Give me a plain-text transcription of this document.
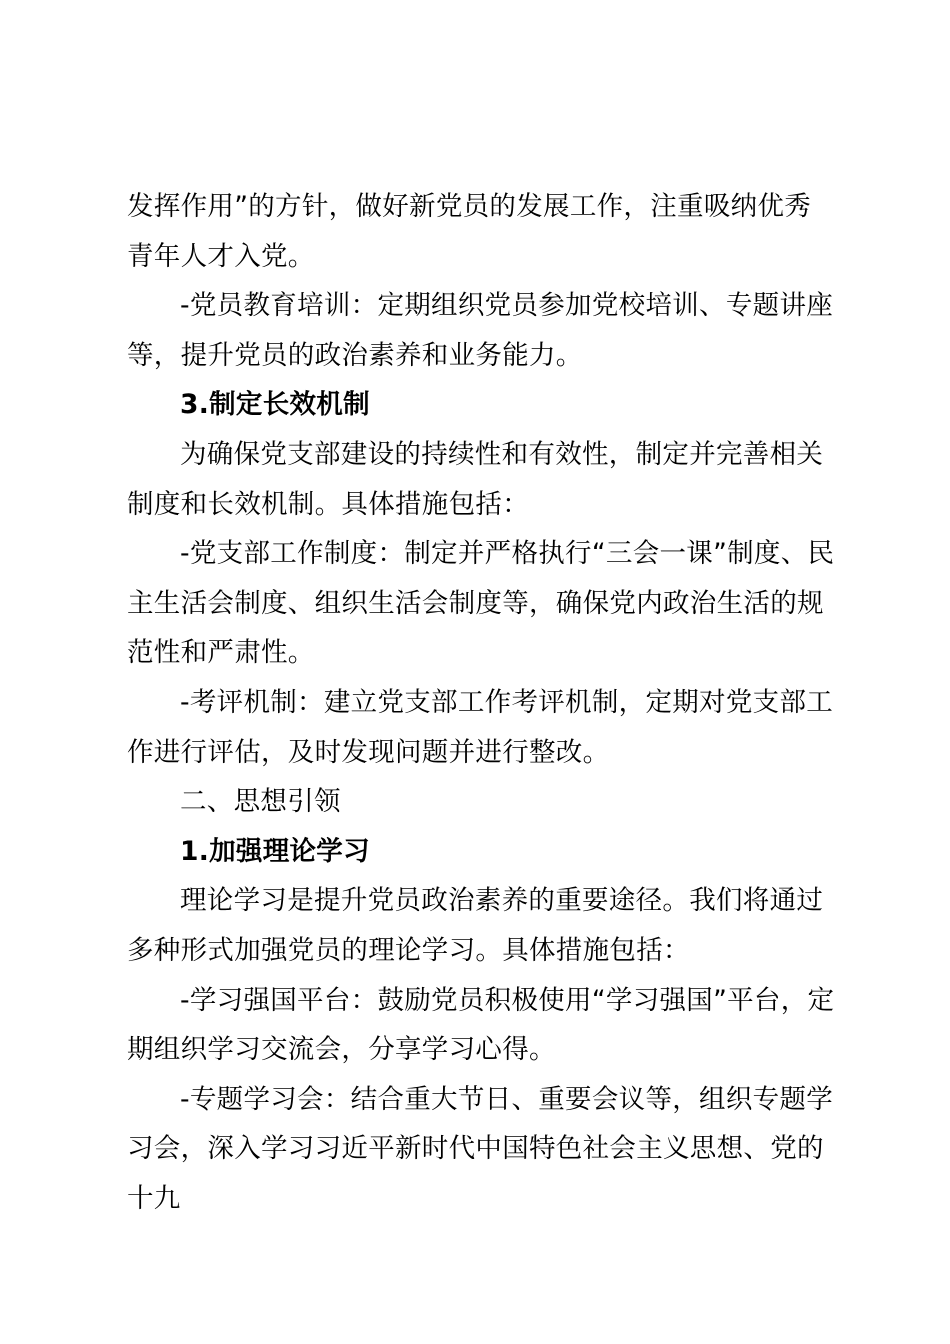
发挥作用”的方针，做好新党员的发展工作，注重吸纳优秀青年人才入党。

-党员教育培训：定期组织党员参加党校培训、专题讲座等，提升党员的政治素养和业务能力。

3.制定长效机制

为确保党支部建设的持续性和有效性，制定并完善相关制度和长效机制。具体措施包括：

-党支部工作制度：制定并严格执行“三会一课”制度、民主生活会制度、组织生活会制度等，确保党内政治生活的规范性和严肃性。

-考评机制：建立党支部工作考评机制，定期对党支部工作进行评估，及时发现问题并进行整改。

二、思想引领

1.加强理论学习

理论学习是提升党员政治素养的重要途径。我们将通过多种形式加强党员的理论学习。具体措施包括：

-学习强国平台：鼓励党员积极使用“学习强国”平台，定期组织学习交流会，分享学习心得。

-专题学习会：结合重大节日、重要会议等，组织专题学习会，深入学习习近平新时代中国特色社会主义思想、党的十九
